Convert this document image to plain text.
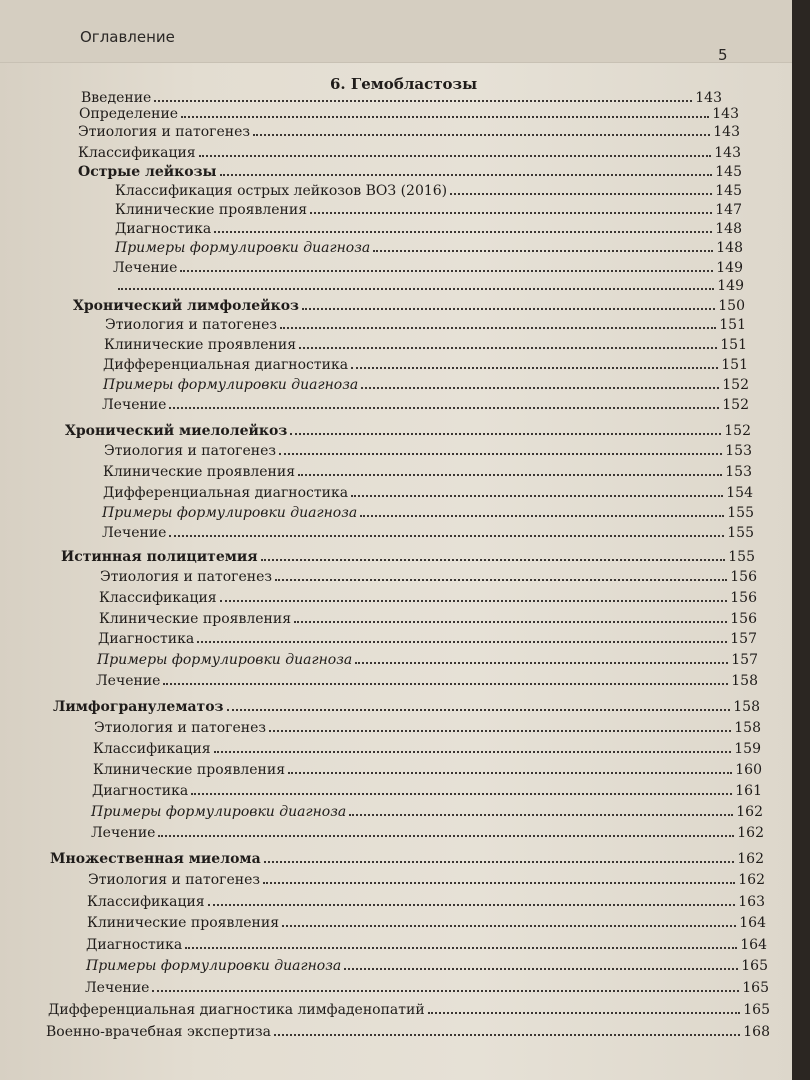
Оглавление
5
6. Гемобластозы
Введение	143
Определение	143
Этиология и патогенез	143
Классификация	143
Острые лейкозы	145
Классификация острых лейкозов ВОЗ (2016)	145
Клинические проявления	147
Диагностика	148
Примеры формулировки диагноза	148
Лечение	149
149
Хронический лимфолейкоз	150
Этиология и патогенез	151
Клинические проявления	151
Дифференциальная диагностика	151
Примеры формулировки диагноза	152
Лечение	152
Хронический миелолейкоз	152
Этиология и патогенез	153
Клинические проявления	153
Дифференциальная диагностика	154
Примеры формулировки диагноза	155
Лечение	155
Истинная полицитемия	155
Этиология и патогенез	156
Классификация	156
Клинические проявления	156
Диагностика	157
Примеры формулировки диагноза	157
Лечение	158
Лимфогранулематоз	158
Этиология и патогенез	158
Классификация	159
Клинические проявления	160
Диагностика	161
Примеры формулировки диагноза	162
Лечение	162
Множественная миелома	162
Этиология и патогенез	162
Классификация	163
Клинические проявления	164
Диагностика	164
Примеры формулировки диагноза	165
Лечение	165
Дифференциальная диагностика лимфаденопатий	165
Военно-врачебная экспертиза	168
